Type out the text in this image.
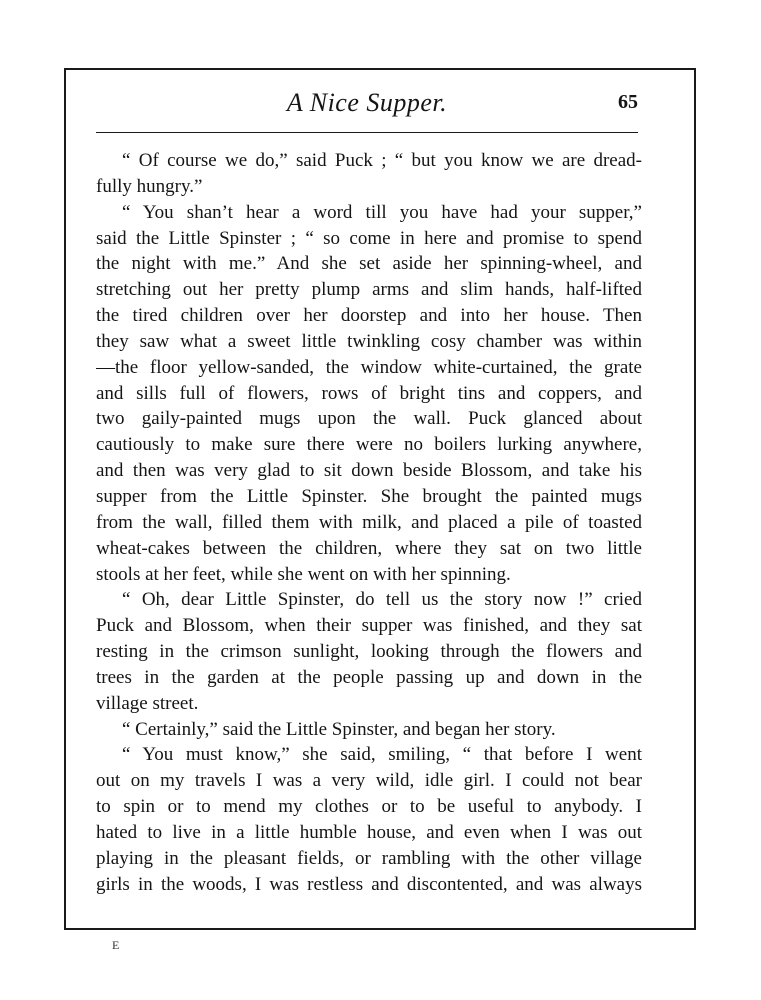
A Nice Supper.	65
“ Of course we do,” said Puck ; “ but you know we are dread-
fully hungry.”
“ You shan’t hear a word till you have had your supper,”
said the Little Spinster ; “ so come in here and promise to spend
the night with me.” And she set aside her spinning-wheel, and
stretching out her pretty plump arms and slim hands, half-lifted
the tired children over her doorstep and into her house. Then
they saw what a sweet little twinkling cosy chamber was within
—the floor yellow-sanded, the window white-curtained, the grate
and sills full of flowers, rows of bright tins and coppers, and
two gaily-painted mugs upon the wall. Puck glanced about
cautiously to make sure there were no boilers lurking anywhere,
and then was very glad to sit down beside Blossom, and take his
supper from the Little Spinster. She brought the painted mugs
from the wall, filled them with milk, and placed a pile of toasted
wheat-cakes between the children, where they sat on two little
stools at her feet, while she went on with her spinning.
“ Oh, dear Little Spinster, do tell us the story now !” cried
Puck and Blossom, when their supper was finished, and they sat
resting in the crimson sunlight, looking through the flowers and
trees in the garden at the people passing up and down in the
village street.
“ Certainly,” said the Little Spinster, and began her story.
“ You must know,” she said, smiling, “ that before I went
out on my travels I was a very wild, idle girl. I could not bear
to spin or to mend my clothes or to be useful to anybody. I
hated to live in a little humble house, and even when I was out
playing in the pleasant fields, or rambling with the other village
girls in the woods, I was restless and discontented, and was always
E
